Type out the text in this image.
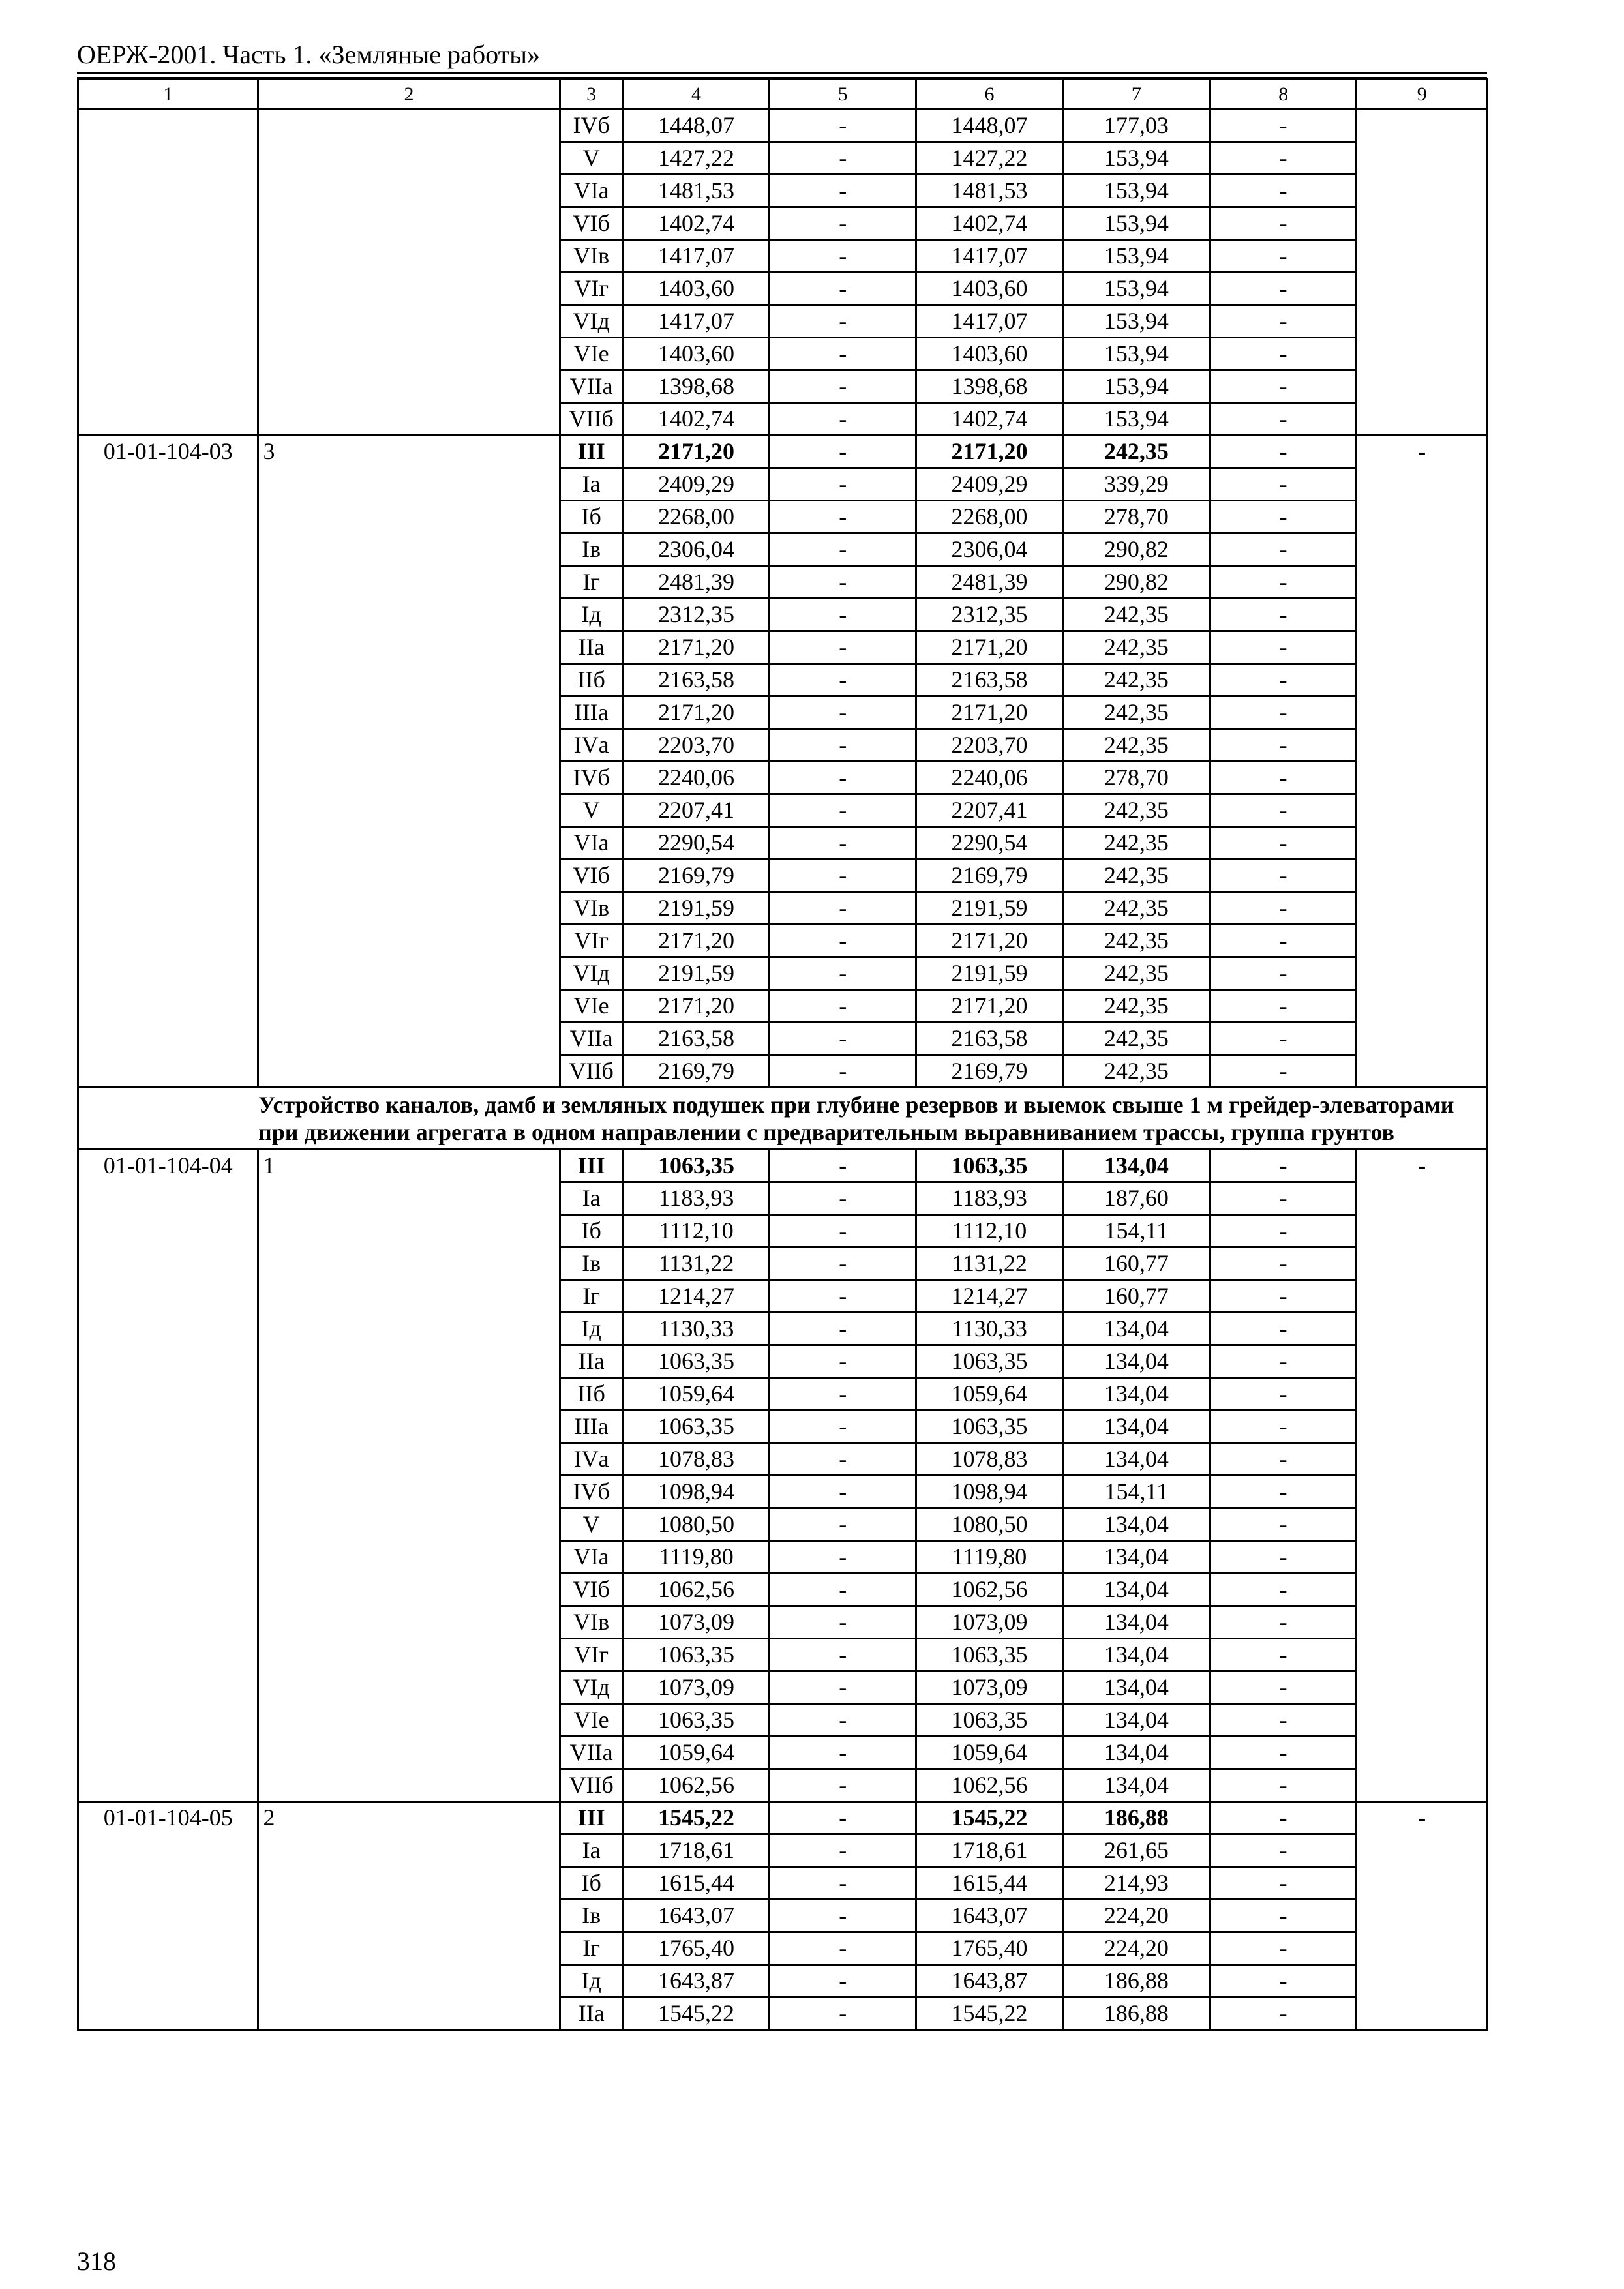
ОЕРЖ-2001. Часть 1. «Земляные работы»
1	2	3	4	5	6	7	8	9
		IVб	1448,07	-	1448,07	177,03	-	
		V	1427,22	-	1427,22	153,94	-	
		VIа	1481,53	-	1481,53	153,94	-	
		VIб	1402,74	-	1402,74	153,94	-	
		VIв	1417,07	-	1417,07	153,94	-	
		VIг	1403,60	-	1403,60	153,94	-	
		VIд	1417,07	-	1417,07	153,94	-	
		VIе	1403,60	-	1403,60	153,94	-	
		VIIа	1398,68	-	1398,68	153,94	-	
		VIIб	1402,74	-	1402,74	153,94	-	
01-01-104-03	3	III	2171,20	-	2171,20	242,35	-	-
		Iа	2409,29	-	2409,29	339,29	-	
		Iб	2268,00	-	2268,00	278,70	-	
		Iв	2306,04	-	2306,04	290,82	-	
		Iг	2481,39	-	2481,39	290,82	-	
		Iд	2312,35	-	2312,35	242,35	-	
		IIа	2171,20	-	2171,20	242,35	-	
		IIб	2163,58	-	2163,58	242,35	-	
		IIIа	2171,20	-	2171,20	242,35	-	
		IVа	2203,70	-	2203,70	242,35	-	
		IVб	2240,06	-	2240,06	278,70	-	
		V	2207,41	-	2207,41	242,35	-	
		VIа	2290,54	-	2290,54	242,35	-	
		VIб	2169,79	-	2169,79	242,35	-	
		VIв	2191,59	-	2191,59	242,35	-	
		VIг	2171,20	-	2171,20	242,35	-	
		VIд	2191,59	-	2191,59	242,35	-	
		VIе	2171,20	-	2171,20	242,35	-	
		VIIа	2163,58	-	2163,58	242,35	-	
		VIIб	2169,79	-	2169,79	242,35	-	
	Устройство каналов, дамб и земляных подушек при глубине резервов и выемок свыше 1 м грейдер-элеваторами при движении агрегата в одном направлении с предварительным выравниванием трассы, группа грунтов							
01-01-104-04	1	III	1063,35	-	1063,35	134,04	-	-
		Iа	1183,93	-	1183,93	187,60	-	
		Iб	1112,10	-	1112,10	154,11	-	
		Iв	1131,22	-	1131,22	160,77	-	
		Iг	1214,27	-	1214,27	160,77	-	
		Iд	1130,33	-	1130,33	134,04	-	
		IIа	1063,35	-	1063,35	134,04	-	
		IIб	1059,64	-	1059,64	134,04	-	
		IIIа	1063,35	-	1063,35	134,04	-	
		IVа	1078,83	-	1078,83	134,04	-	
		IVб	1098,94	-	1098,94	154,11	-	
		V	1080,50	-	1080,50	134,04	-	
		VIа	1119,80	-	1119,80	134,04	-	
		VIб	1062,56	-	1062,56	134,04	-	
		VIв	1073,09	-	1073,09	134,04	-	
		VIг	1063,35	-	1063,35	134,04	-	
		VIд	1073,09	-	1073,09	134,04	-	
		VIе	1063,35	-	1063,35	134,04	-	
		VIIа	1059,64	-	1059,64	134,04	-	
		VIIб	1062,56	-	1062,56	134,04	-	
01-01-104-05	2	III	1545,22	-	1545,22	186,88	-	-
		Iа	1718,61	-	1718,61	261,65	-	
		Iб	1615,44	-	1615,44	214,93	-	
		Iв	1643,07	-	1643,07	224,20	-	
		Iг	1765,40	-	1765,40	224,20	-	
		Iд	1643,87	-	1643,87	186,88	-	
		IIа	1545,22	-	1545,22	186,88	-	
318
